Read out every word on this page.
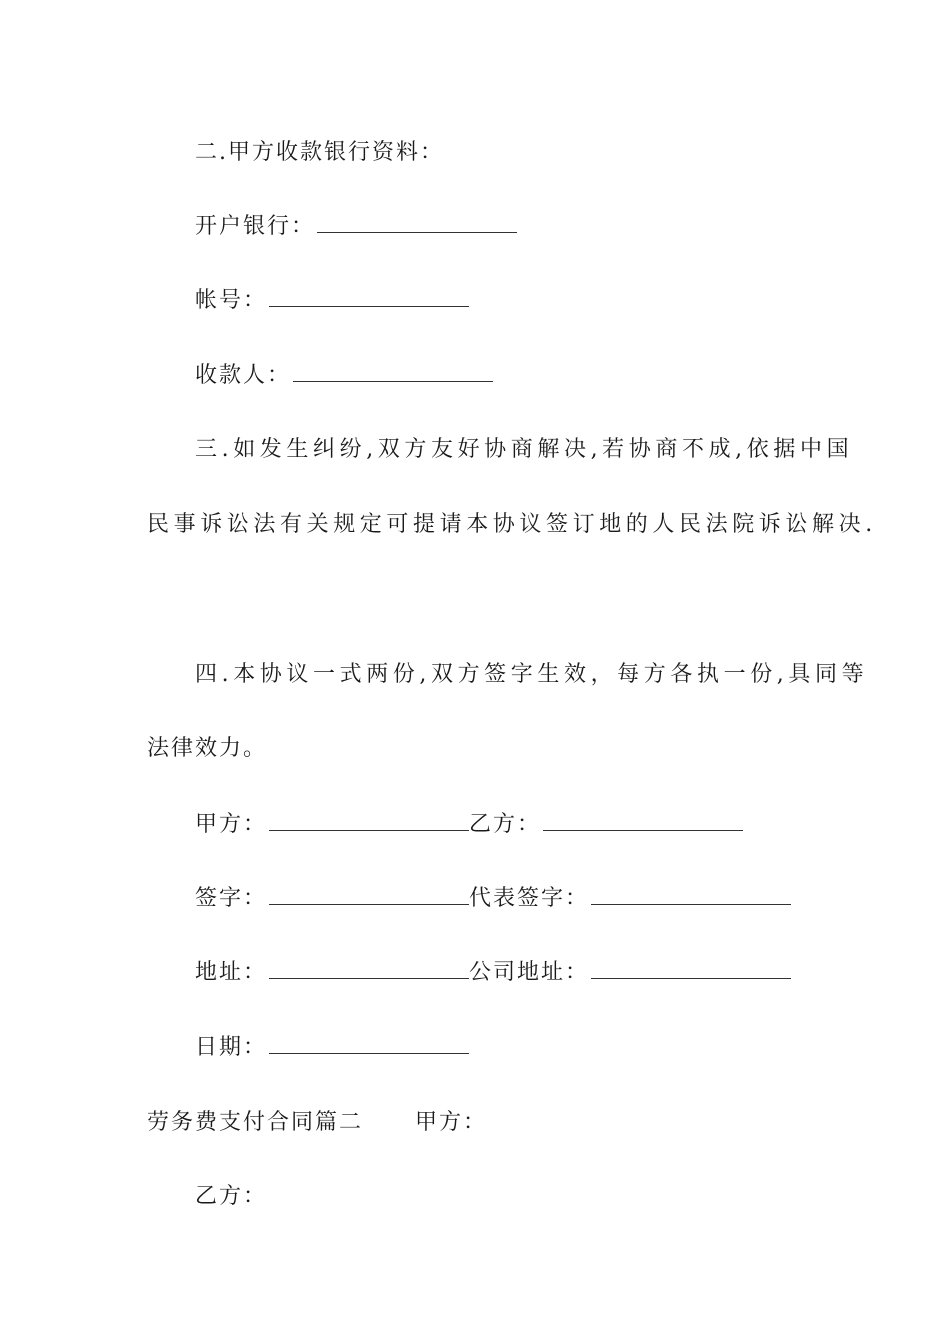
二.甲方收款银行资料：
开户银行：
帐号：
收款人：
三.如发生纠纷,双方友好协商解决,若协商不成,依据中国
民事诉讼法有关规定可提请本协议签订地的人民法院诉讼解决.
四.本协议一式两份,双方签字生效，每方各执一份,具同等
法律效力。
甲方：	乙方：
签字：	代表签字：
地址：	公司地址：
日期：
劳务费支付合同篇二 甲方：
乙方：
